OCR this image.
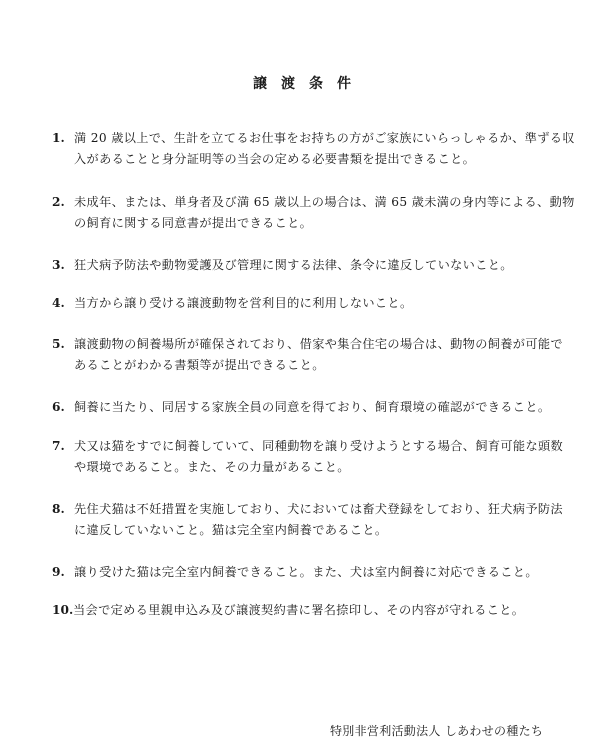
譲渡条件
1. 満 20 歳以上で、生計を立てるお仕事をお持ちの方がご家族にいらっしゃるか、準ずる収
入があることと身分証明等の当会の定める必要書類を提出できること。
2. 未成年、または、単身者及び満 65 歳以上の場合は、満 65 歳未満の身内等による、動物
の飼育に関する同意書が提出できること。
3. 狂犬病予防法や動物愛護及び管理に関する法律、条令に違反していないこと。
4. 当方から譲り受ける譲渡動物を営利目的に利用しないこと。
5. 譲渡動物の飼養場所が確保されており、借家や集合住宅の場合は、動物の飼養が可能で
あることがわかる書類等が提出できること。
6. 飼養に当たり、同居する家族全員の同意を得ており、飼育環境の確認ができること。
7. 犬又は猫をすでに飼養していて、同種動物を譲り受けようとする場合、飼育可能な頭数
や環境であること。また、その力量があること。
8. 先住犬猫は不妊措置を実施しており、犬においては畜犬登録をしており、狂犬病予防法
に違反していないこと。猫は完全室内飼養であること。
9. 譲り受けた猫は完全室内飼養できること。また、犬は室内飼養に対応できること。
10. 当会で定める里親申込み及び譲渡契約書に署名捺印し、その内容が守れること。
特別非営利活動法人 しあわせの種たち
